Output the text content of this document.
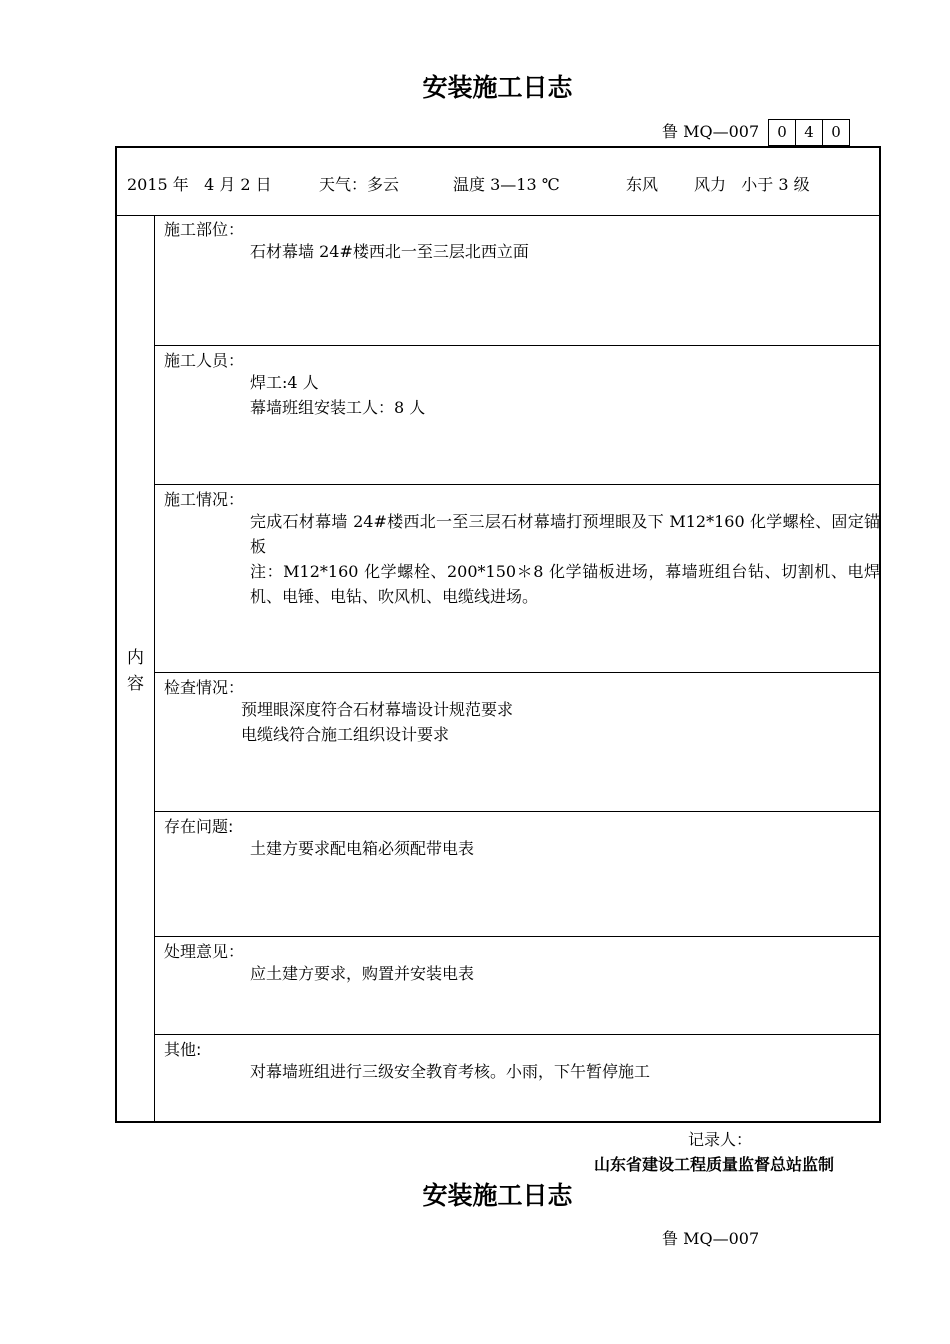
安装施工日志
鲁 MQ—007	0	4	0
2015 年   4 月 2 日	天气：多云	温度 3—13 ℃	东风 风力   小于 3 级
内
容
施工部位：
石材幕墙 24#楼西北一至三层北西立面
施工人员：
焊工:4 人
幕墙班组安装工人：8 人
施工情况：
完成石材幕墙 24#楼西北一至三层石材幕墙打预埋眼及下 M12*160 化学螺栓、固定锚板
注：M12*160 化学螺栓、200*150＊8 化学锚板进场，幕墙班组台钻、切割机、电焊机、电锤、电钻、吹风机、电缆线进场。
检查情况：
预埋眼深度符合石材幕墙设计规范要求
电缆线符合施工组织设计要求
存在问题:
土建方要求配电箱必须配带电表
处理意见：
应土建方要求，购置并安装电表
其他:
对幕墙班组进行三级安全教育考核。小雨，下午暂停施工
记录人：
山东省建设工程质量监督总站监制
安装施工日志
鲁 MQ—007
